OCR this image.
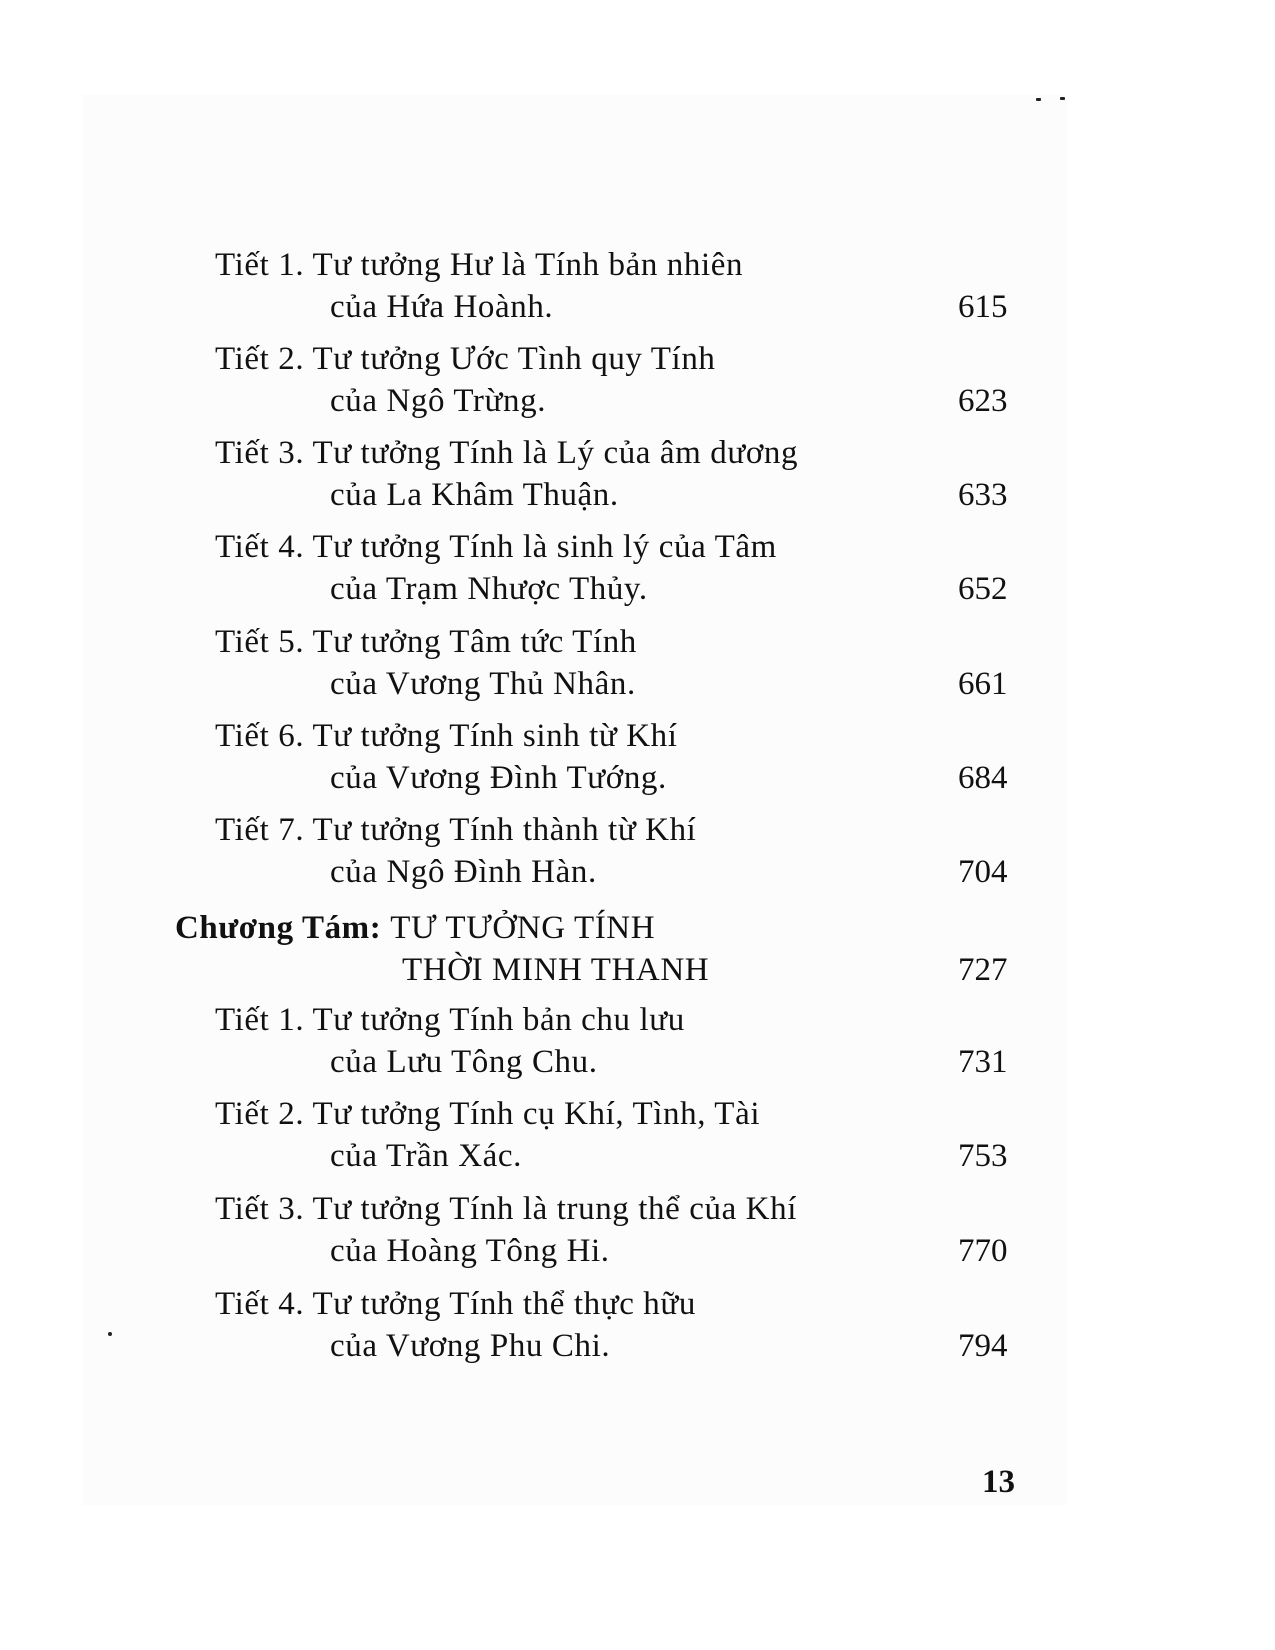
Tiết 1. Tư tưởng Hư là Tính bản nhiên
của Hứa Hoành.	615
Tiết 2. Tư tưởng Ước Tình quy Tính
của Ngô Trừng.	623
Tiết 3. Tư tưởng Tính là Lý của âm dương
của La Khâm Thuận.	633
Tiết 4. Tư tưởng Tính là sinh lý của Tâm
của Trạm Nhược Thủy.	652
Tiết 5. Tư tưởng Tâm tức Tính
của Vương Thủ Nhân.	661
Tiết 6. Tư tưởng Tính sinh từ Khí
của Vương Đình Tướng.	684
Tiết 7. Tư tưởng Tính thành từ Khí
của Ngô Đình Hàn.	704
Chương Tám: TƯ TƯỞNG TÍNH
THỜI MINH THANH	727
Tiết 1. Tư tưởng Tính bản chu lưu
của Lưu Tông Chu.	731
Tiết 2. Tư tưởng Tính cụ Khí, Tình, Tài
của Trần Xác.	753
Tiết 3. Tư tưởng Tính là trung thể của Khí
của Hoàng Tông Hi.	770
Tiết 4. Tư tưởng Tính thể thực hữu
của Vương Phu Chi.	794
13
